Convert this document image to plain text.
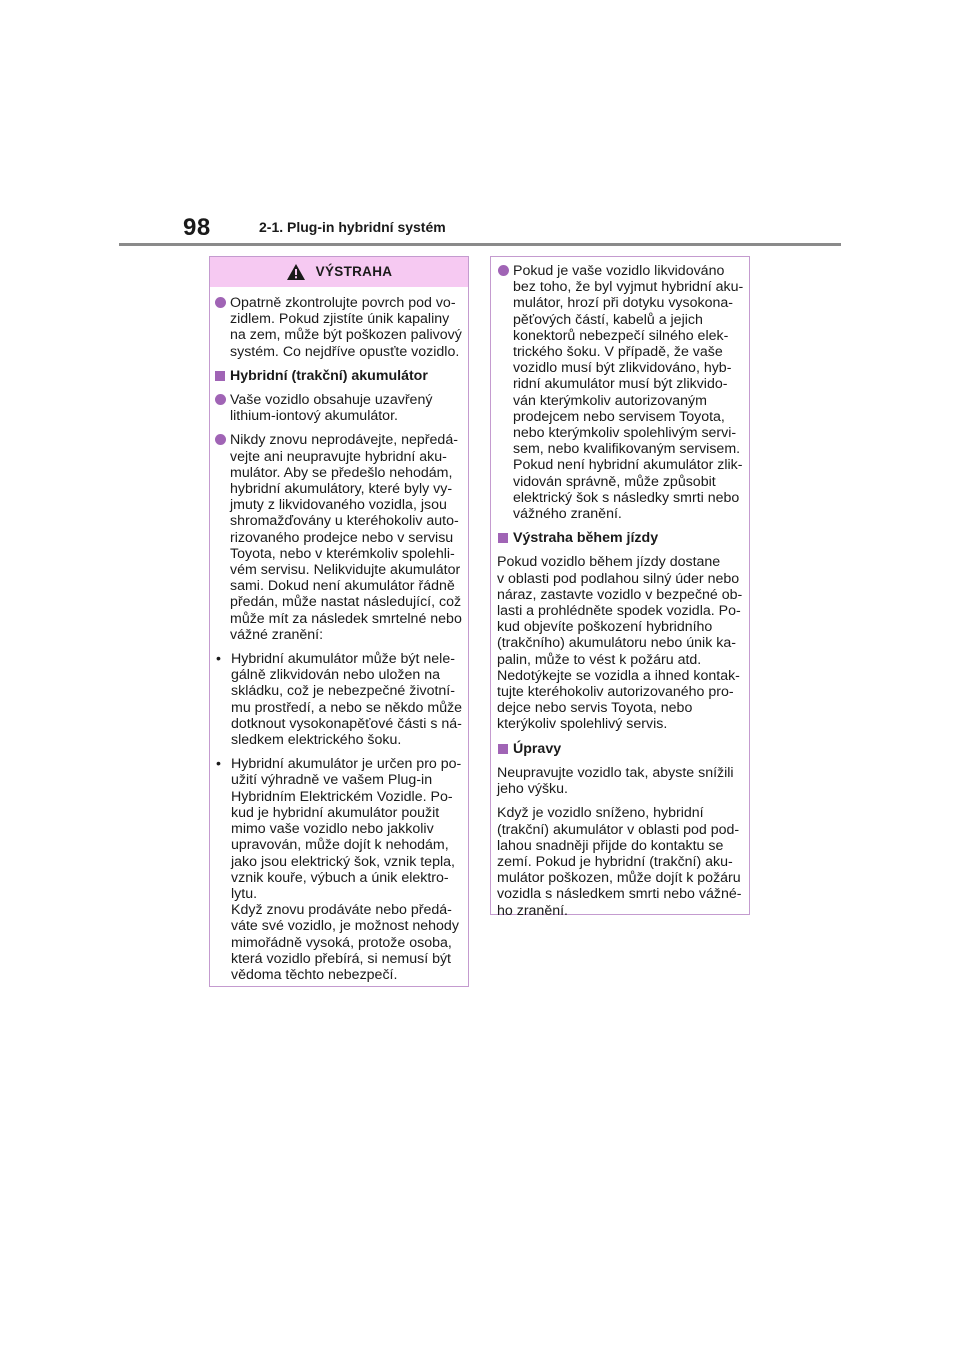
98	2-1. Plug-in hybridní systém
VÝSTRAHA
Opatrně zkontrolujte povrch pod vo-
zidlem. Pokud zjistíte únik kapaliny
na zem, může být poškozen palivový
systém. Co nejdříve opusťte vozidlo.
Hybridní (trakční) akumulátor
Vaše vozidlo obsahuje uzavřený
lithium-iontový akumulátor.
Nikdy znovu neprodávejte, nepředá-
vejte ani neupravujte hybridní aku-
mulátor. Aby se předešlo nehodám,
hybridní akumulátory, které byly vy-
jmuty z likvidovaného vozidla, jsou
shromažďovány u kteréhokoliv auto-
rizovaného prodejce nebo v servisu
Toyota, nebo v kterémkoliv spolehli-
vém servisu. Nelikvidujte akumulátor
sami. Dokud není akumulátor řádně
předán, může nastat následující, což
může mít za následek smrtelné nebo
vážné zranění:
•
Hybridní akumulátor může být nele-
gálně zlikvidován nebo uložen na
skládku, což je nebezpečné životní-
mu prostředí, a nebo se někdo může
dotknout vysokonapěťové části s ná-
sledkem elektrického šoku.
•
Hybridní akumulátor je určen pro po-
užití výhradně ve vašem Plug-in
Hybridním Elektrickém Vozidle. Po-
kud je hybridní akumulátor použit
mimo vaše vozidlo nebo jakkoliv
upravován, může dojít k nehodám,
jako jsou elektrický šok, vznik tepla,
vznik kouře, výbuch a únik elektro-
lytu.
Když znovu prodáváte nebo předá-
váte své vozidlo, je možnost nehody
mimořádně vysoká, protože osoba,
která vozidlo přebírá, si nemusí být
vědoma těchto nebezpečí.
Pokud je vaše vozidlo likvidováno
bez toho, že byl vyjmut hybridní aku-
mulátor, hrozí při dotyku vysokona-
pěťových částí, kabelů a jejich
konektorů nebezpečí silného elek-
trického šoku. V případě, že vaše
vozidlo musí být zlikvidováno, hyb-
ridní akumulátor musí být zlikvido-
ván kterýmkoliv autorizovaným
prodejcem nebo servisem Toyota,
nebo kterýmkoliv spolehlivým servi-
sem, nebo kvalifikovaným servisem.
Pokud není hybridní akumulátor zlik-
vidován správně, může způsobit
elektrický šok s následky smrti nebo
vážného zranění.
Výstraha během jízdy
Pokud vozidlo během jízdy dostane
v oblasti pod podlahou silný úder nebo
náraz, zastavte vozidlo v bezpečné ob-
lasti a prohlédněte spodek vozidla. Po-
kud objevíte poškození hybridního
(trakčního) akumulátoru nebo únik ka-
palin, může to vést k požáru atd.
Nedotýkejte se vozidla a ihned kontak-
tujte kteréhokoliv autorizovaného pro-
dejce nebo servis Toyota, nebo
kterýkoliv spolehlivý servis.
Úpravy
Neupravujte vozidlo tak, abyste snížili
jeho výšku.
Když je vozidlo sníženo, hybridní
(trakční) akumulátor v oblasti pod pod-
lahou snadněji přijde do kontaktu se
zemí. Pokud je hybridní (trakční) aku-
mulátor poškozen, může dojít k požáru
vozidla s následkem smrti nebo vážné-
ho zranění.
